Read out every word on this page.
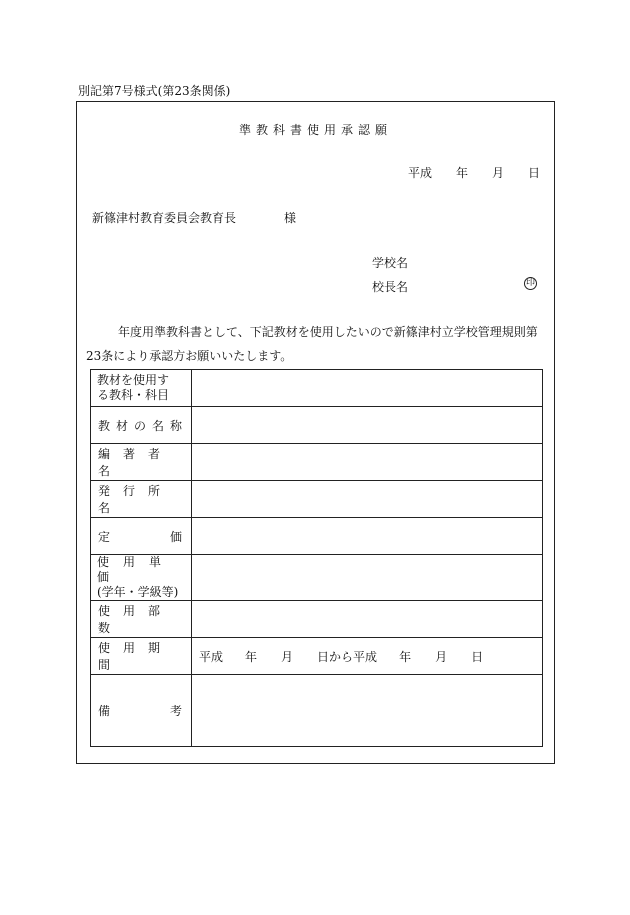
別記第7号様式(第23条関係)
準教科書使用承認願
平成 年 月 日
新篠津村教育委員会教育長	様
学校名
校長名	印
年度用準教科書として、下記教材を使用したいので新篠津村立学校管理規則第23条により承認方お願いいたします。
教材を使用す
る教科・科目	

教材の名称	

編著者名	

発行所名	

定価	

使用単価
(学年・学級等)	

使用部数	

使用期間	平成 年 月 日から平成 年 月 日

備考	
